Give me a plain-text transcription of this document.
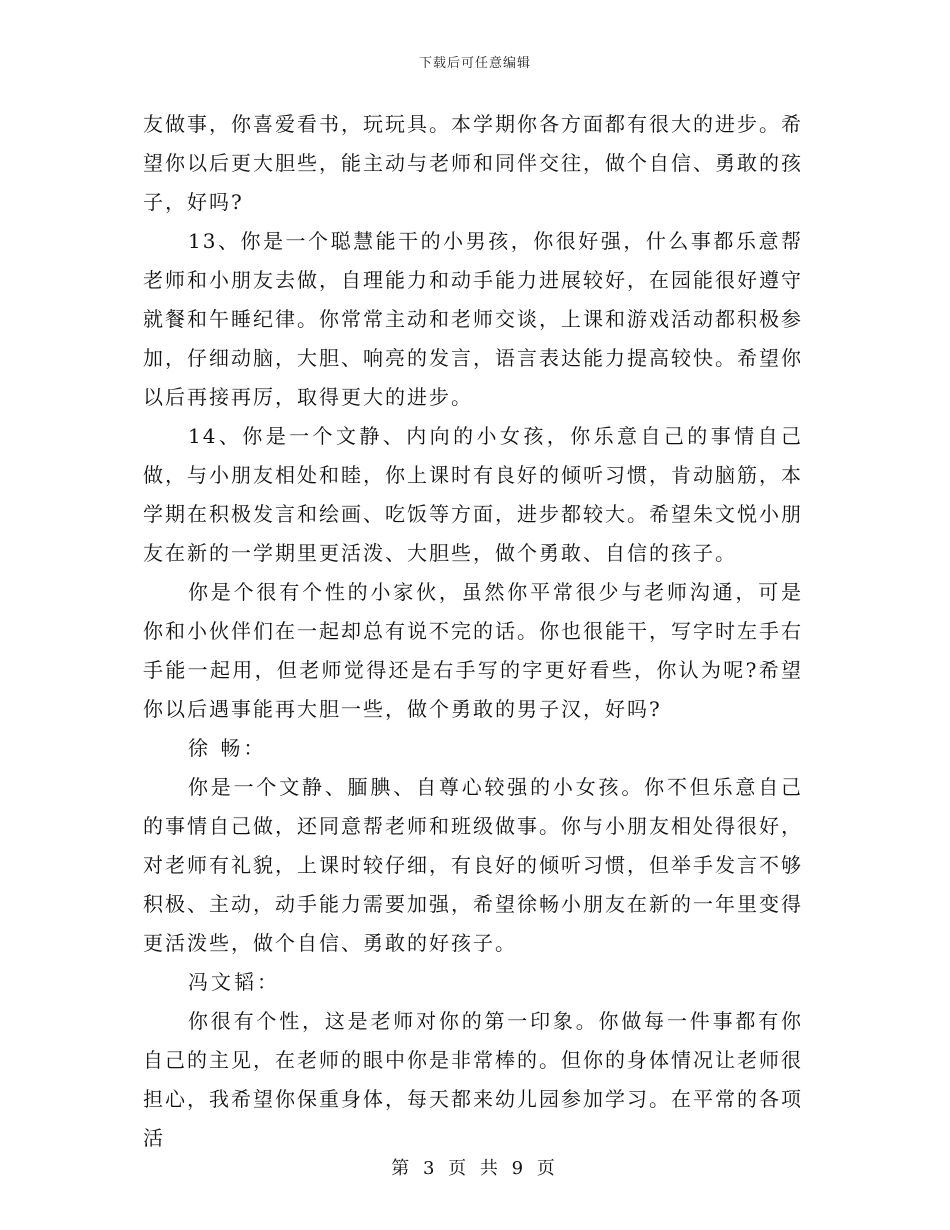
下载后可任意编辑

友做事，你喜爱看书，玩玩具。本学期你各方面都有很大的进步。希望你以后更大胆些，能主动与老师和同伴交往，做个自信、勇敢的孩子，好吗?

13、你是一个聪慧能干的小男孩，你很好强，什么事都乐意帮老师和小朋友去做，自理能力和动手能力进展较好，在园能很好遵守就餐和午睡纪律。你常常主动和老师交谈，上课和游戏活动都积极参加，仔细动脑，大胆、响亮的发言，语言表达能力提高较快。希望你以后再接再厉，取得更大的进步。

14、你是一个文静、内向的小女孩，你乐意自己的事情自己做，与小朋友相处和睦，你上课时有良好的倾听习惯，肯动脑筋，本学期在积极发言和绘画、吃饭等方面，进步都较大。希望朱文悦小朋友在新的一学期里更活泼、大胆些，做个勇敢、自信的孩子。

你是个很有个性的小家伙，虽然你平常很少与老师沟通，可是你和小伙伴们在一起却总有说不完的话。你也很能干，写字时左手右手能一起用，但老师觉得还是右手写的字更好看些，你认为呢?希望你以后遇事能再大胆一些，做个勇敢的男子汉，好吗?

徐 畅：

你是一个文静、腼腆、自尊心较强的小女孩。你不但乐意自己的事情自己做，还同意帮老师和班级做事。你与小朋友相处得很好，对老师有礼貌，上课时较仔细，有良好的倾听习惯，但举手发言不够积极、主动，动手能力需要加强，希望徐畅小朋友在新的一年里变得更活泼些，做个自信、勇敢的好孩子。

冯文韬：

你很有个性，这是老师对你的第一印象。你做每一件事都有你自己的主见，在老师的眼中你是非常棒的。但你的身体情况让老师很担心，我希望你保重身体，每天都来幼儿园参加学习。在平常的各项活

第 3 页 共 9 页
